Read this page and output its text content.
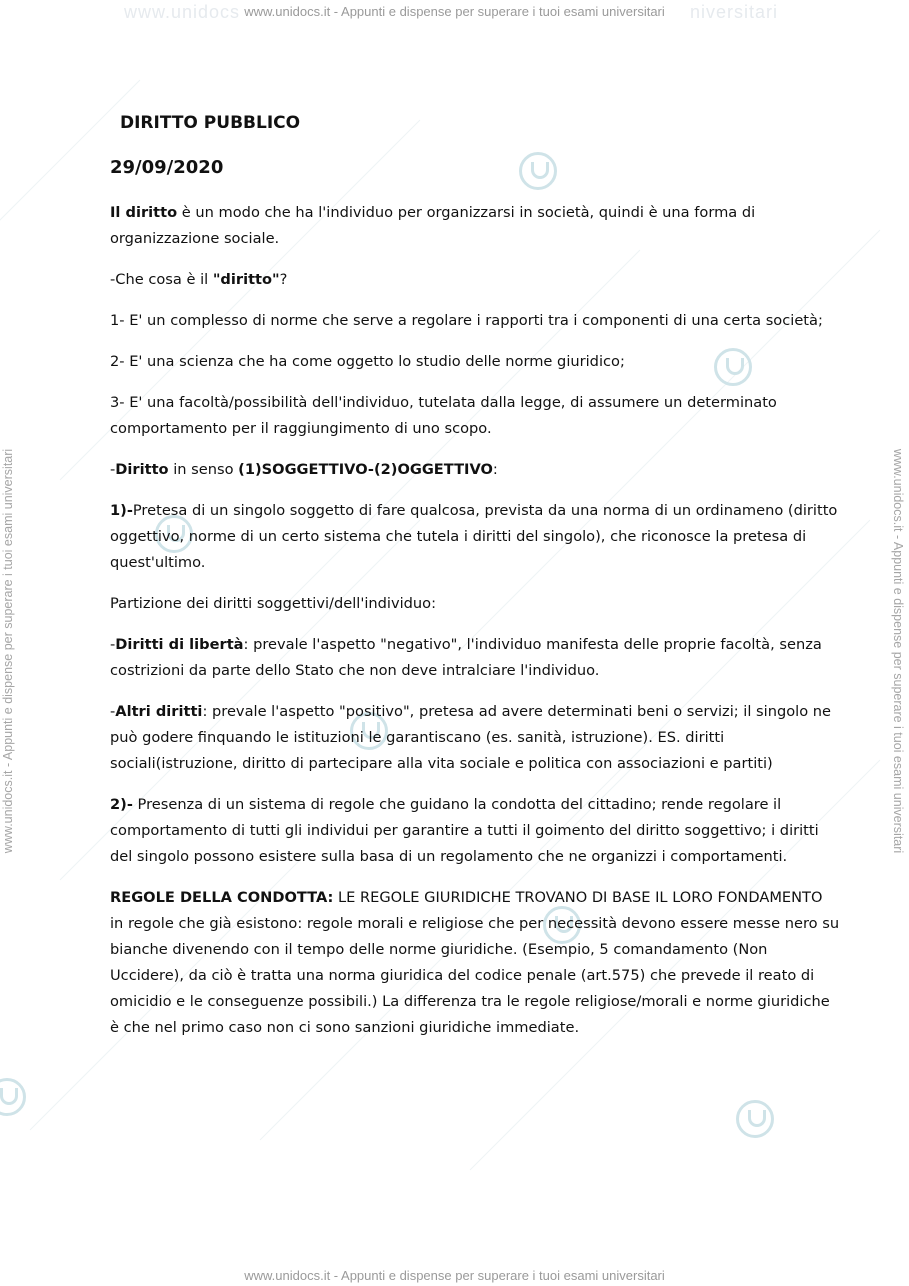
www.unidocs	niversitari
www.unidocs.it - Appunti e dispense per superare i tuoi esami universitari
www.unidocs.it - Appunti e dispense per superare i tuoi esami universitari
www.unidocs.it - Appunti e dispense per superare i tuoi esami universitari	www.unidocs.it - Appunti e dispense per superare i tuoi esami universitari
DIRITTO PUBBLICO
29/09/2020

Il diritto è un modo che ha l'individuo per organizzarsi in società, quindi è una forma di organizzazione sociale.

-Che cosa è il "diritto"?

1- E' un complesso di norme che serve a regolare i rapporti tra i componenti di una certa società;

2- E' una scienza che ha come oggetto lo studio delle norme giuridico;

3- E' una facoltà/possibilità dell'individuo, tutelata dalla legge, di assumere un determinato comportamento per il raggiungimento di uno scopo.

-Diritto in senso (1)SOGGETTIVO-(2)OGGETTIVO:

1)-Pretesa di un singolo soggetto di fare qualcosa, prevista da una norma di un ordinameno (diritto oggettivo, norme di un certo sistema che tutela i diritti del singolo), che riconosce la pretesa di quest'ultimo.

Partizione dei diritti soggettivi/dell'individuo:

-Diritti di libertà: prevale l'aspetto "negativo", l'individuo manifesta delle proprie facoltà, senza costrizioni da parte dello Stato che non deve intralciare l'individuo.

-Altri diritti: prevale l'aspetto "positivo", pretesa ad avere determinati beni o servizi; il singolo ne può godere finquando le istituzioni le garantiscano (es. sanità, istruzione). ES. diritti sociali(istruzione, diritto di partecipare alla vita sociale e politica con associazioni e partiti)

2)- Presenza di un sistema di regole che guidano la condotta del cittadino; rende regolare il comportamento di tutti gli individui per garantire a tutti il goimento del diritto soggettivo; i diritti del singolo possono esistere sulla basa di un regolamento che ne organizzi i comportamenti.

REGOLE DELLA CONDOTTA: LE REGOLE GIURIDICHE TROVANO DI BASE IL LORO FONDAMENTO in regole che già esistono: regole morali e religiose che per necessità devono essere messe nero su bianche divenendo con il tempo delle norme giuridiche. (Esempio, 5 comandamento (Non Uccidere), da ciò è tratta una norma giuridica del codice penale (art.575) che prevede il reato di omicidio e le conseguenze possibili.) La differenza tra le regole religiose/morali e norme giuridiche è che nel primo caso non ci sono sanzioni giuridiche immediate.
